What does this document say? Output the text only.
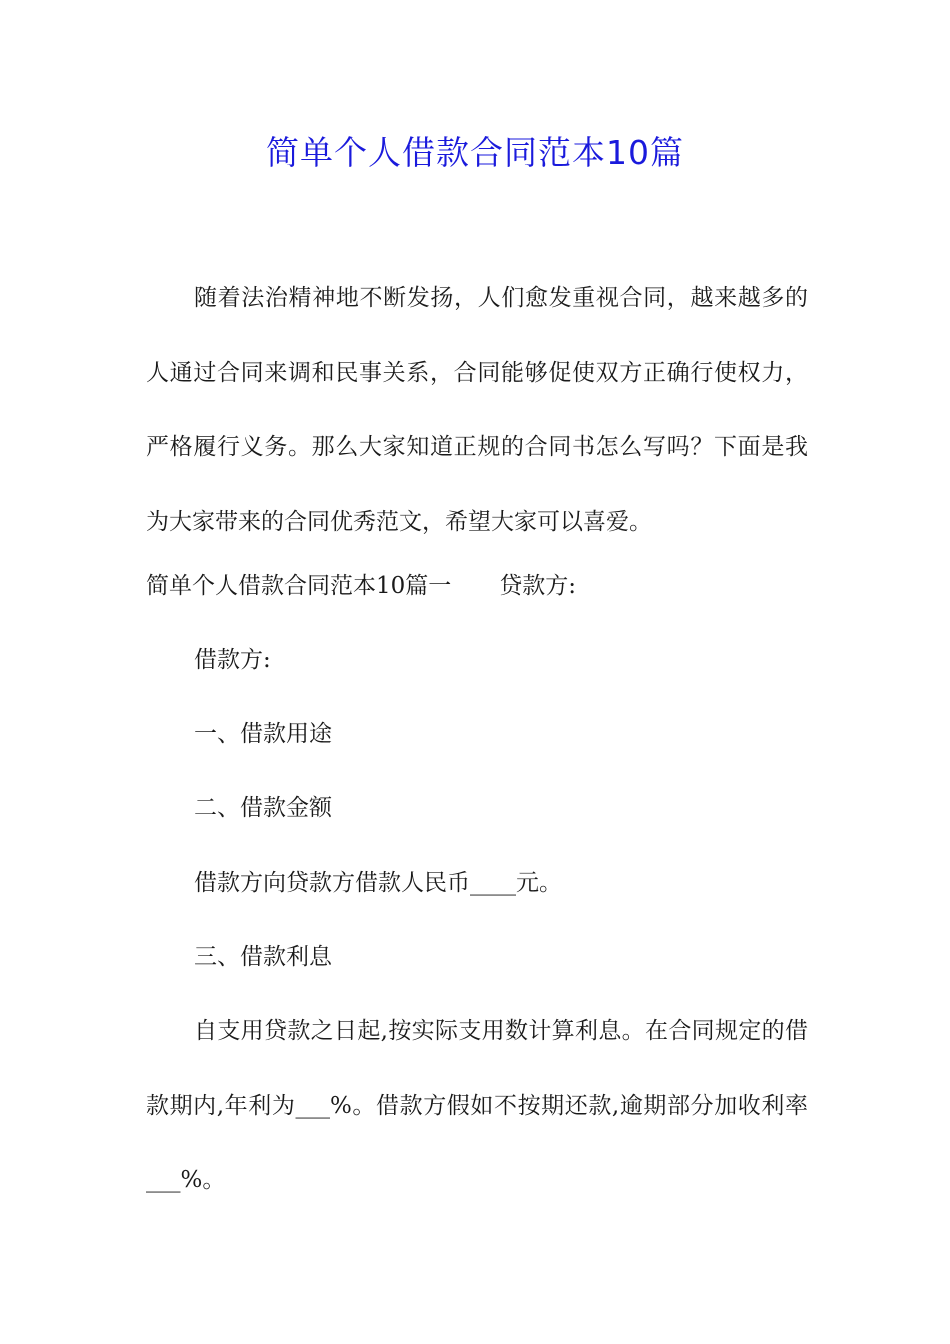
简单个人借款合同范本10篇

随着法治精神地不断发扬，人们愈发重视合同，越来越多的人通过合同来调和民事关系，合同能够促使双方正确行使权力，严格履行义务。那么大家知道正规的合同书怎么写吗？下面是我为大家带来的合同优秀范文，希望大家可以喜爱。

简单个人借款合同范本10篇一 贷款方:
借款方:
一、借款用途
二、借款金额
借款方向贷款方借款人民币____元。
三、借款利息

自支用贷款之日起,按实际支用数计算利息。在合同规定的借款期内,年利为___%。借款方假如不按期还款,逾期部分加收利率___%。
